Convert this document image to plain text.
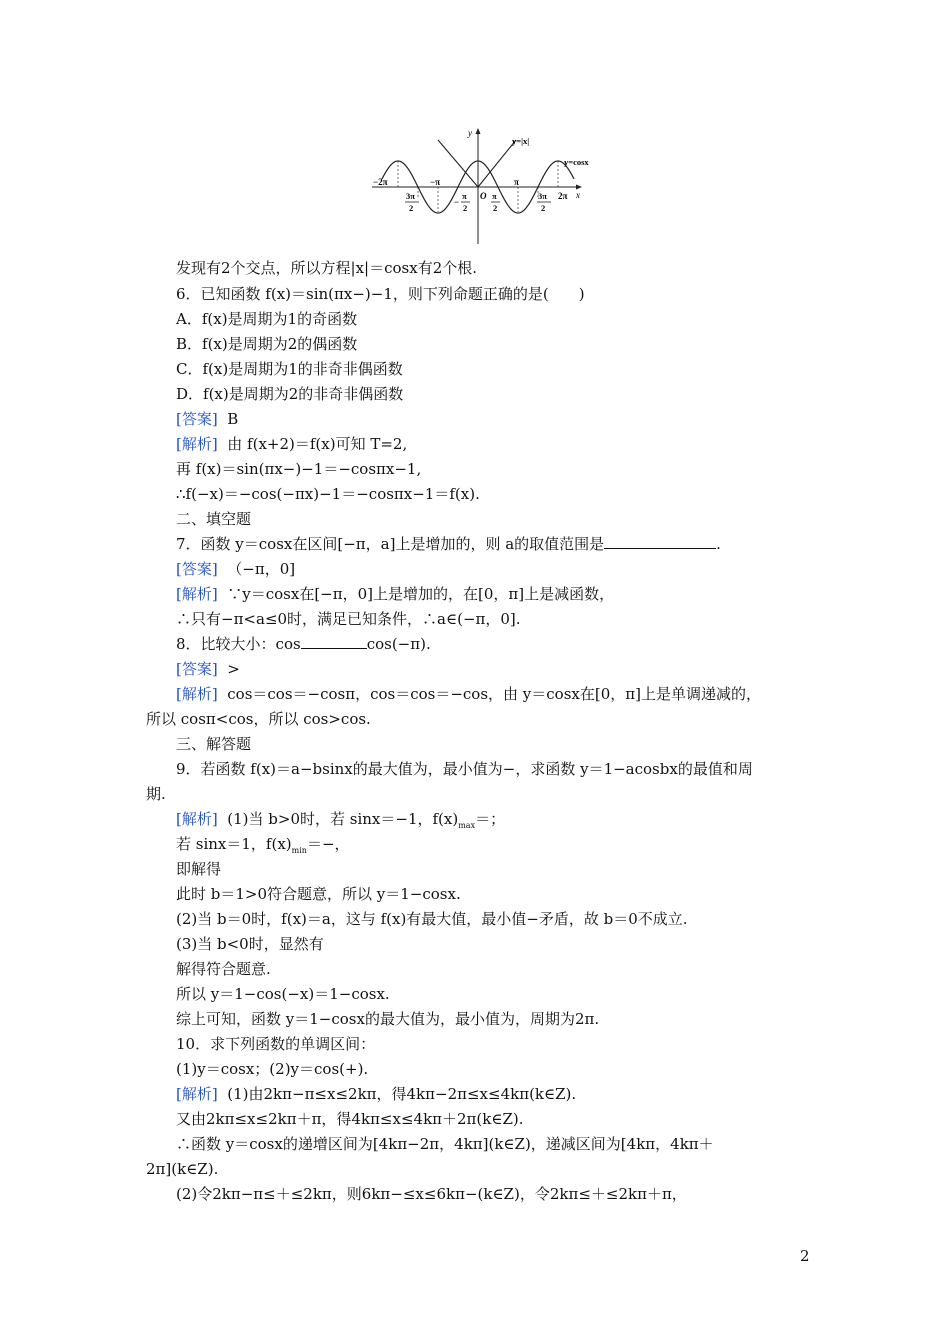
y
x
y=|x|
y=cosx
O
−2π	−π	π
2π
3π
2
−
π
2
π
2
3π
2
发现有2个交点，所以方程|x|＝cosx有2个根.
6．已知函数 f(x)＝sin(πx−)−1，则下列命题正确的是(　　)
A．f(x)是周期为1的奇函数
B．f(x)是周期为2的偶函数
C．f(x)是周期为1的非奇非偶函数
D．f(x)是周期为2的非奇非偶函数
[答案] B
[解析] 由 f(x+2)＝f(x)可知 T=2,
再 f(x)＝sin(πx−)−1＝−cosπx−1,
∴f(−x)＝−cos(−πx)−1＝−cosπx−1＝f(x).
二、填空题
7．函数 y＝cosx在区间[−π，a]上是增加的，则 a的取值范围是	.
[答案] （−π，0]
[解析] ∵y＝cosx在[−π，0]上是增加的，在[0，π]上是减函数，
∴只有−π<a≤0时，满足已知条件，∴a∈(−π，0].
8．比较大小：cos	cos(−π).
[答案] >
[解析] cos＝cos＝−cosπ，cos＝cos＝−cos，由 y＝cosx在[0，π]上是单调递减的，
所以 cosπ<cos，所以 cos>cos.
三、解答题
9．若函数 f(x)＝a−bsinx的最大值为，最小值为−，求函数 y＝1−acosbx的最值和周
期.
[解析] (1)当 b>0时，若 sinx＝−1，$f(x)_{max}=$；
若 sinx＝1，$f(x)_{min}=-$，
即解得
此时 b＝1>0符合题意，所以 y＝1−cosx.
(2)当 b＝0时，f(x)＝a，这与 f(x)有最大值，最小值−矛盾，故 b＝0不成立.
(3)当 b<0时，显然有
解得符合题意.
所以 y＝1−cos(−x)＝1−cosx.
综上可知，函数 y＝1−cosx的最大值为，最小值为，周期为2π.
10．求下列函数的单调区间：
(1)y＝cosx；(2)y＝cos(+).
[解析] (1)由2kπ−π≤x≤2kπ，得4kπ−2π≤x≤4kπ(k∈Z).
又由2kπ≤x≤2kπ＋π，得4kπ≤x≤4kπ＋2π(k∈Z).
∴函数 y＝cosx的递增区间为[4kπ−2π，4kπ](k∈Z)，递减区间为[4kπ，4kπ＋
2π](k∈Z).
(2)令2kπ−π≤＋≤2kπ，则6kπ−≤x≤6kπ−(k∈Z)，令2kπ≤＋≤2kπ＋π，
2
